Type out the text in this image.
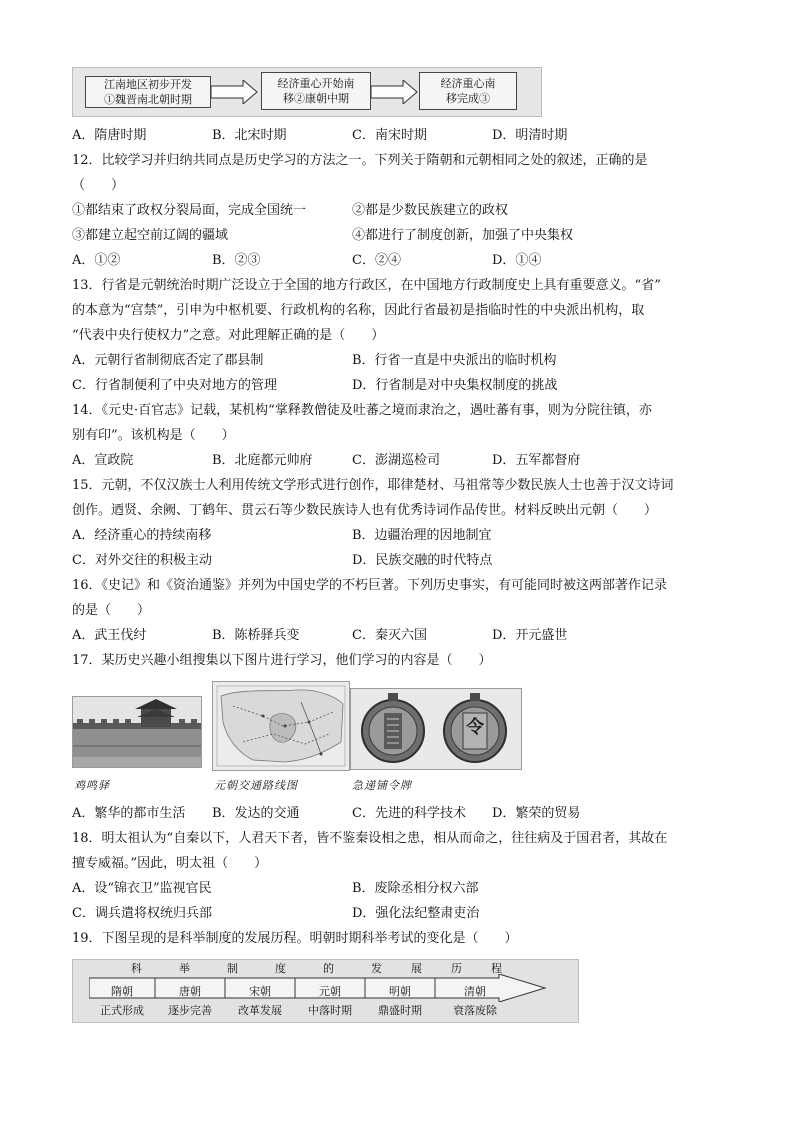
江南地区初步开发
①魏晋南北朝时期
经济重心开始南
移②康朝中期
经济重心南
移完成③
A．隋唐时期	B．北宋时期	C．南宋时期	D．明清时期
12．比较学习并归纳共同点是历史学习的方法之一。下列关于隋朝和元朝相同之处的叙述，正确的是
（　　）
①都结束了政权分裂局面，完成全国统一	②都是少数民族建立的政权
③都建立起空前辽阔的疆域	④都进行了制度创新，加强了中央集权
A．①②	B．②③	C．②④	D．①④
13．行省是元朝统治时期广泛设立于全国的地方行政区，在中国地方行政制度史上具有重要意义。“省”
的本意为“宫禁”，引申为中枢机要、行政机构的名称，因此行省最初是指临时性的中央派出机构，取
“代表中央行使权力”之意。对此理解正确的是（　　）
A．元朝行省制彻底否定了郡县制	B．行省一直是中央派出的临时机构
C．行省制便利了中央对地方的管理	D．行省制是对中央集权制度的挑战
14．《元史·百官志》记载，某机构“掌释教僧徒及吐蕃之境而隶治之，遇吐蕃有事，则为分院往镇，亦
别有印”。该机构是（　　）
A．宣政院	B．北庭都元帅府	C．澎湖巡检司	D．五军都督府
15．元朝，不仅汉族士人利用传统文学形式进行创作，耶律楚材、马祖常等少数民族人士也善于汉文诗词
创作。迺贤、余阙、丁鹤年、贯云石等少数民族诗人也有优秀诗词作品传世。材料反映出元朝（　　）
A．经济重心的持续南移	B．边疆治理的因地制宜
C．对外交往的积极主动	D．民族交融的时代特点
16．《史记》和《资治通鉴》并列为中国史学的不朽巨著。下列历史事实，有可能同时被这两部著作记录
的是（　　）
A．武王伐纣	B．陈桥驿兵变	C．秦灭六国	D．开元盛世
17．某历史兴趣小组搜集以下图片进行学习，他们学习的内容是（　　）
令
鸡鸣驿	元朝交通路线图	急递铺令牌
A．繁华的都市生活 B．发达的交通	C．先进的科学技术 D．繁荣的贸易
18．明太祖认为“自秦以下，人君天下者，皆不鉴秦设相之患，相从而命之，往往病及于国君者，其故在
擅专威福。”因此，明太祖（　　）
A．设“锦衣卫”监视官民	B．废除丞相分权六部
C．调兵遣将权统归兵部	D．强化法纪整肃吏治
19．下图呈现的是科举制度的发展历程。明朝时期科举考试的变化是（　　）
科	举	制	度	的	发	展	历	程
隋朝	唐朝	宋朝	元朝	明朝	清朝
正式形成	逐步完善	改革发展	中落时期	鼎盛时期	衰落废除
